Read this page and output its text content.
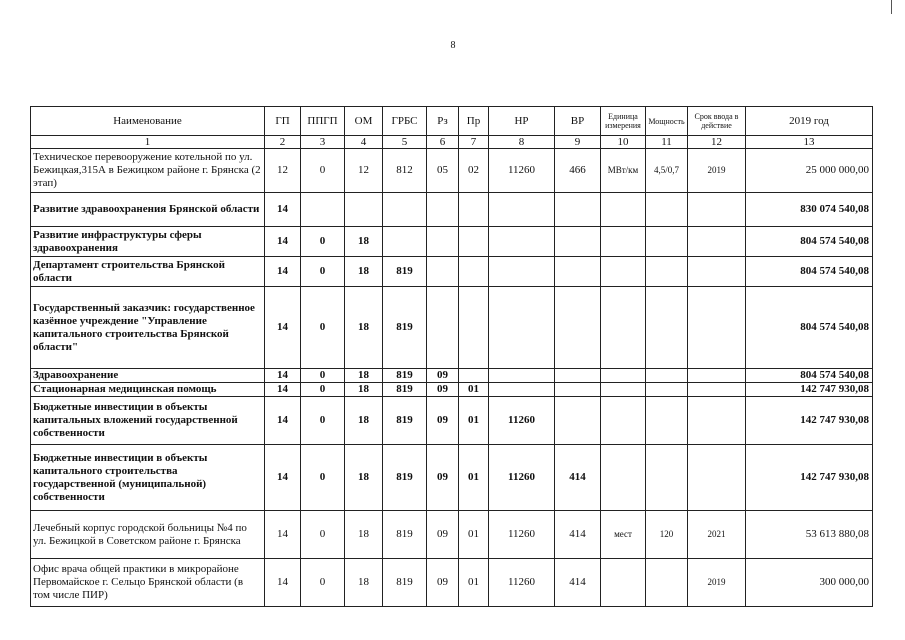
8
Наименование	ГП	ППГП	ОМ	ГРБС	Рз	Пр	НР	ВР	Единица измерения	Мощность	Срок ввода в действие	2019 год
1	2	3	4	5	6	7	8	9	10	11	12	13
Техническое перевооружение котельной по ул. Бежицкая,315А в Бежицком районе г. Брянска (2 этап)	12	0	12	812	05	02	11260	466	МВт/км	4,5/0,7	2019	25 000 000,00
Развитие здравоохранения Брянской области	14											830 074 540,08
Развитие инфраструктуры сферы здравоохранения	14	0	18									804 574 540,08
Департамент строительства Брянской области	14	0	18	819								804 574 540,08
Государственный заказчик: государственное казённое учреждение "Управление капитального строительства Брянской области"	14	0	18	819								804 574 540,08
Здравоохранение	14	0	18	819	09							804 574 540,08
Стационарная медицинская помощь	14	0	18	819	09	01						142 747 930,08
Бюджетные инвестиции в объекты капитальных вложений государственной собственности	14	0	18	819	09	01	11260					142 747 930,08
Бюджетные инвестиции в объекты капитального строительства государственной (муниципальной) собственности	14	0	18	819	09	01	11260	414				142 747 930,08
Лечебный корпус городской больницы №4 по ул. Бежицкой в Советском районе г. Брянска	14	0	18	819	09	01	11260	414	мест	120	2021	53 613 880,08
Офис врача общей практики в микрорайоне Первомайское г. Сельцо Брянской области (в том числе ПИР)	14	0	18	819	09	01	11260	414			2019	300 000,00
